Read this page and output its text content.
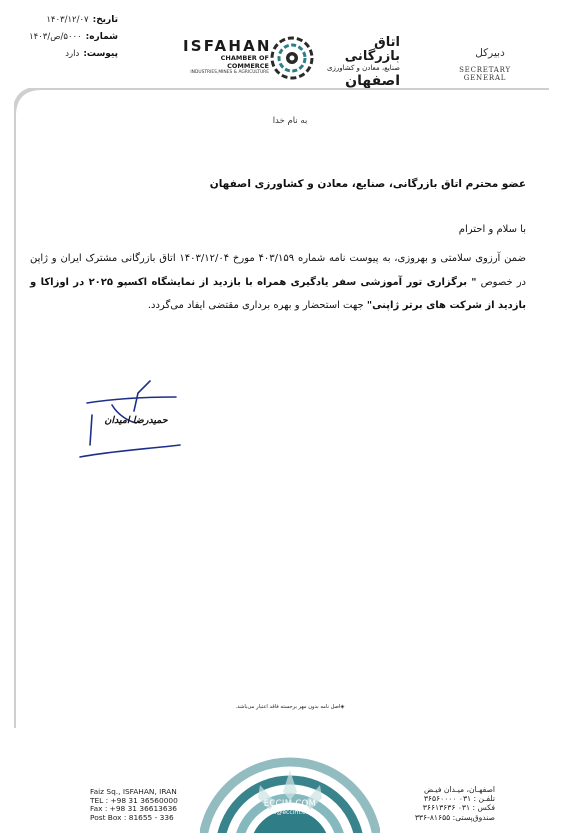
تاریخ:
۱۴۰۳/۱۲/۰۷
شماره:
۵۰۰۰/ص/۱۴۰۳
پیوست:
دارد	ISFAHAN
CHAMBER OF COMMERCE
INDUSTRIES,MINES & AGRICULTURE
اتاق بازرگانی
صنایع، معادن و کشاورزی
اصفهان
دبیرکل
SECRETARY GENERAL
به نام خدا
عضو محترم اتاق بازرگانی، صنایع، معادن و کشاورزی اصفهان
با سلام و احترام
ضمن آرزوی سلامتی و بهروزی، به پیوست نامه شماره ۴۰۳/۱۵۹ مورخ ۱۴۰۳/۱۲/۰۴ اتاق بازرگانی مشترک ایران و ژاپن در خصوص " برگزاری تور آموزشی سفر یادگیری همراه با بازدید از نمایشگاه اکسپو ۲۰۲۵ در اوزاکا و بازدید از شرکت های برتر ژاپنی" جهت استحضار و بهره برداری مقتضی ایفاد می‌گردد.
حمیدرضا امیدان
◈اصل نامه بدون مهر برجسته فاقد اعتبار می‌باشد.
ECCIM.COM
info@eccim.com
Faiz Sq., ISFAHAN, IRAN
TEL : +98 31 36560000
Fax : +98 31 36613636
Post Box : 81655 - 336
اصفهـان، میـدان فیـض
تلفـن : ۰۳۱ ۳۶۵۶۰۰۰۰
فکس : ۰۳۱ ۳۶۶۱۳۶۳۶
صندوق‌پستی: ۸۱۶۵۵-۳۳۶
